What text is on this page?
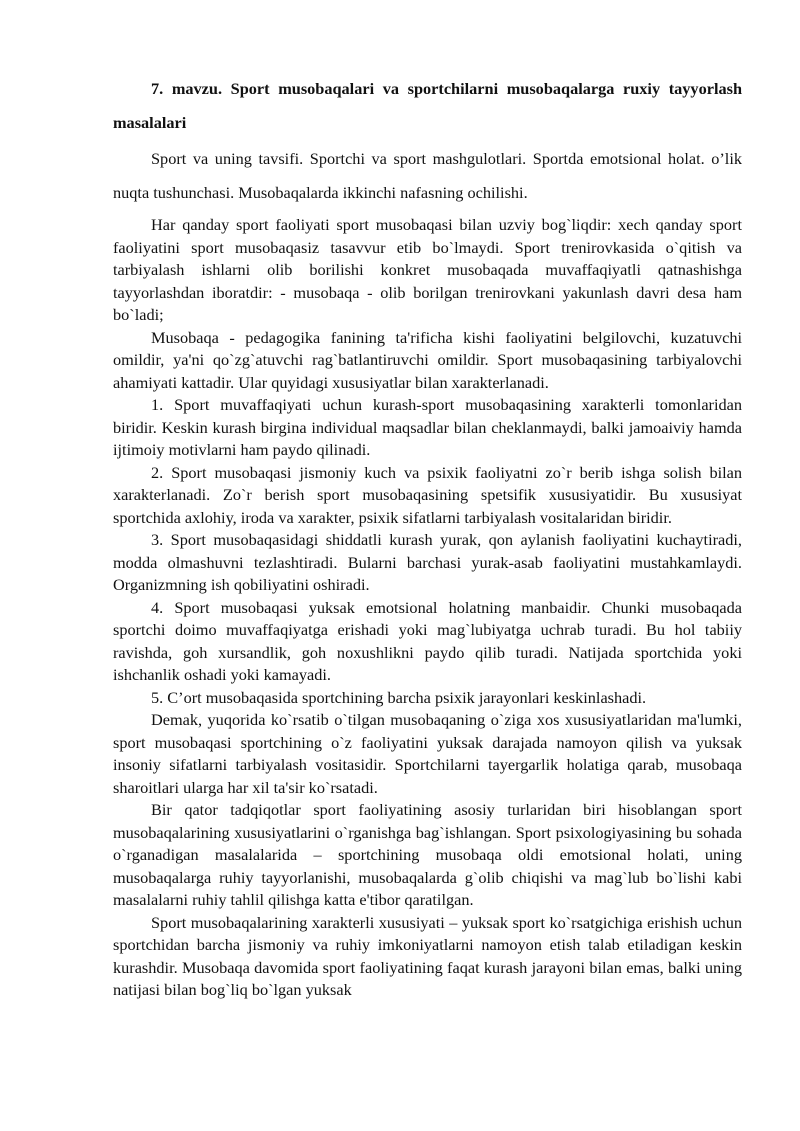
7. mavzu. Sport musobaqalari va sportchilarni musobaqalarga ruxiy tayyorlash masalalari
Sport va uning tavsifi. Sportchi va sport mashgulotlari. Sportda emotsional holat. o’lik nuqta tushunchasi. Musobaqalarda ikkinchi nafasning ochilishi.
Har qanday sport faoliyati sport musobaqasi bilan uzviy bog`liqdir: xech qanday sport faoliyatini sport musobaqasiz tasavvur etib bo`lmaydi. Sport trenirovkasida o`qitish va tarbiyalash ishlarni olib borilishi konkret musobaqada muvaffaqiyatli qatnashishga tayyorlashdan iboratdir: - musobaqa - olib borilgan trenirovkani yakunlash davri desa ham bo`ladi;
Musobaqa - pedagogika fanining ta'rificha kishi faoliyatini belgilovchi, kuzatuvchi omildir, ya'ni qo`zg`atuvchi rag`batlantiruvchi omildir. Sport musobaqasining tarbiyalovchi ahamiyati kattadir. Ular quyidagi xususiyatlar bilan xarakterlanadi.
1. Sport muvaffaqiyati uchun kurash-sport musobaqasining xarakterli tomonlaridan biridir. Keskin kurash birgina individual maqsadlar bilan cheklanmaydi, balki jamoaiviy hamda ijtimoiy motivlarni ham paydo qilinadi.
2. Sport musobaqasi jismoniy kuch va psixik faoliyatni zo`r berib ishga solish bilan xarakterlanadi. Zo`r berish sport musobaqasining spetsifik xususiyatidir. Bu xususiyat sportchida axlohiy, iroda va xarakter, psixik sifatlarni tarbiyalash vositalaridan biridir.
3. Sport musobaqasidagi shiddatli kurash yurak, qon aylanish faoliyatini kuchaytiradi, modda olmashuvni tezlashtiradi. Bularni barchasi yurak-asab faoliyatini mustahkamlaydi. Organizmning ish qobiliyatini oshiradi.
4. Sport musobaqasi yuksak emotsional holatning manbaidir. Chunki musobaqada sportchi doimo muvaffaqiyatga erishadi yoki mag`lubiyatga uchrab turadi. Bu hol tabiiy ravishda, goh xursandlik, goh noxushlikni paydo qilib turadi. Natijada sportchida yoki ishchanlik oshadi yoki kamayadi.
5. C’ort musobaqasida sportchining barcha psixik jarayonlari keskinlashadi.
Demak, yuqorida ko`rsatib o`tilgan musobaqaning o`ziga xos xususiyatlaridan ma'lumki, sport musobaqasi sportchining o`z faoliyatini yuksak darajada namoyon qilish va yuksak insoniy sifatlarni tarbiyalash vositasidir. Sportchilarni tayergarlik holatiga qarab, musobaqa sharoitlari ularga har xil ta'sir ko`rsatadi.
Bir qator tadqiqotlar sport faoliyatining asosiy turlaridan biri hisoblangan sport musobaqalarining xususiyatlarini o`rganishga bag`ishlangan. Sport psixologiyasining bu sohada o`rganadigan masalalarida – sportchining musobaqa oldi emotsional holati, uning musobaqalarga ruhiy tayyorlanishi, musobaqalarda g`olib chiqishi va mag`lub bo`lishi kabi masalalarni ruhiy tahlil qilishga katta e'tibor qaratilgan.
Sport musobaqalarining xarakterli xususiyati – yuksak sport ko`rsatgichiga erishish uchun sportchidan barcha jismoniy va ruhiy imkoniyatlarni namoyon etish talab etiladigan keskin kurashdir. Musobaqa davomida sport faoliyatining faqat kurash jarayoni bilan emas, balki uning natijasi bilan bog`liq bo`lgan yuksak
